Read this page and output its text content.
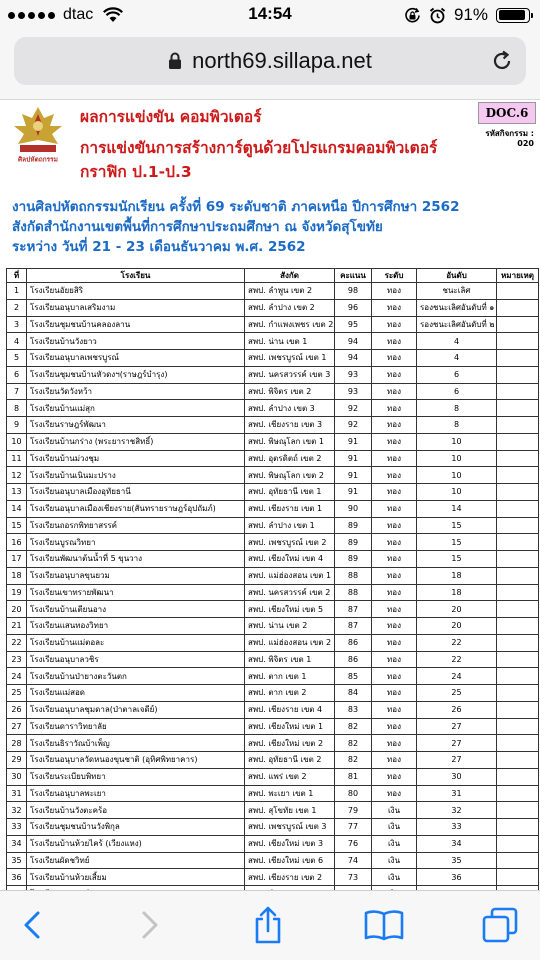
dtac	14:54	91%
north69.sillapa.net
ศิลปหัตถกรรม
ผลการแข่งขัน คอมพิวเตอร์
การแข่งขันการสร้างการ์ตูนด้วยโปรแกรมคอมพิวเตอร์กราฟิก ป.1-ป.3
DOC.6
รหัสกิจกรรม :
020
งานศิลปหัตถกรรมนักเรียน ครั้งที่ 69 ระดับชาติ ภาคเหนือ ปีการศึกษา 2562
สังกัดสำนักงานเขตพื้นที่การศึกษาประถมศึกษา ณ จังหวัดสุโขทัย
ระหว่าง วันที่ 21 - 23 เดือนธันวาคม พ.ศ. 2562
ที่	โรงเรียน	สังกัด	คะแนน	ระดับ	อันดับ	หมายเหตุ
1	โรงเรียนอัยยสิริ	สพป. ลำพูน เขต 2	98	ทอง	ชนะเลิศ	
2	โรงเรียนอนุบาลเสริมงาม	สพป. ลำปาง เขต 2	96	ทอง	รองชนะเลิศอันดับที่ ๑	
3	โรงเรียนชุมชนบ้านคลองลาน	สพป. กำแพงเพชร เขต 2	95	ทอง	รองชนะเลิศอันดับที่ ๒	
4	โรงเรียนบ้านวังยาว	สพป. น่าน เขต 1	94	ทอง	4	
5	โรงเรียนอนุบาลเพชรบูรณ์	สพป. เพชรบูรณ์ เขต 1	94	ทอง	4	
6	โรงเรียนชุมชนบ้านหัวดงฯ(ราษฎร์บำรุง)	สพป. นครสวรรค์ เขต 3	93	ทอง	6	
7	โรงเรียนวัดวังหว้า	สพป. พิจิตร เขต 2	93	ทอง	6	
8	โรงเรียนบ้านแม่สุก	สพป. ลำปาง เขต 3	92	ทอง	8	
9	โรงเรียนราษฎร์พัฒนา	สพป. เชียงราย เขต 3	92	ทอง	8	
10	โรงเรียนบ้านกร่าง (พระยาราชสิทธิ์)	สพป. พิษณุโลก เขต 1	91	ทอง	10	
11	โรงเรียนบ้านม่วงชุม	สพป. อุตรดิตถ์ เขต 2	91	ทอง	10	
12	โรงเรียนบ้านเนินมะปราง	สพป. พิษณุโลก เขต 2	91	ทอง	10	
13	โรงเรียนอนุบาลเมืองอุทัยธานี	สพป. อุทัยธานี เขต 1	91	ทอง	10	
14	โรงเรียนอนุบาลเมืองเชียงราย(สันทรายราษฎร์อุปถัมภ์)	สพป. เชียงราย เขต 1	90	ทอง	14	
15	โรงเรียนถอรกพิทยาสรรค์	สพป. ลำปาง เขต 1	89	ทอง	15	
16	โรงเรียนบูรณวิทยา	สพป. เพชรบูรณ์ เขต 2	89	ทอง	15	
17	โรงเรียนพัฒนาต้นน้ำที่ 5 ขุนวาง	สพป. เชียงใหม่ เขต 4	89	ทอง	15	
18	โรงเรียนอนุบาลขุนยวม	สพป. แม่ฮ่องสอน เขต 1	88	ทอง	18	
19	โรงเรียนเขาทรายพัฒนา	สพป. นครสวรรค์ เขต 2	88	ทอง	18	
20	โรงเรียนบ้านเตียนอาง	สพป. เชียงใหม่ เขต 5	87	ทอง	20	
21	โรงเรียนแสนทองวิทยา	สพป. น่าน เขต 2	87	ทอง	20	
22	โรงเรียนบ้านแม่ตอละ	สพป. แม่ฮ่องสอน เขต 2	86	ทอง	22	
23	โรงเรียนอนุบาลวชิร	สพป. พิจิตร เขต 1	86	ทอง	22	
24	โรงเรียนบ้านป่ายางตะวันตก	สพป. ตาก เขต 1	85	ทอง	24	
25	โรงเรียนแม่สอด	สพป. ตาก เขต 2	84	ทอง	25	
26	โรงเรียนอนุบาลชุมดาล(ป่าตาลเจดีย์)	สพป. เชียงราย เขต 4	83	ทอง	26	
27	โรงเรียนดาราวิทยาลัย	สพป. เชียงใหม่ เขต 1	82	ทอง	27	
28	โรงเรียนธิราวัณบ้าเพ็ญ	สพป. เชียงใหม่ เขต 2	82	ทอง	27	
29	โรงเรียนอนุบาลวัดหนองขุนชาติ (อุทิศพิทยาคาร)	สพป. อุทัยธานี เขต 2	82	ทอง	27	
30	โรงเรียนระเบียบพิทยา	สพป. แพร่ เขต 2	81	ทอง	30	
31	โรงเรียนอนุบาลพะเยา	สพป. พะเยา เขต 1	80	ทอง	31	
32	โรงเรียนบ้านวังตะคร้อ	สพป. สุโขทัย เขต 1	79	เงิน	32	
33	โรงเรียนชุมชนบ้านวังพิกุล	สพป. เพชรบูรณ์ เขต 3	77	เงิน	33	
34	โรงเรียนบ้านห้วยไคร้ (เวียงแหง)	สพป. เชียงใหม่ เขต 3	76	เงิน	34	
35	โรงเรียนผัดชวิทย์	สพป. เชียงใหม่ เขต 6	74	เงิน	35	
36	โรงเรียนบ้านห้วยเสี้ยม	สพป. เชียงราย เขต 2	73	เงิน	36	
